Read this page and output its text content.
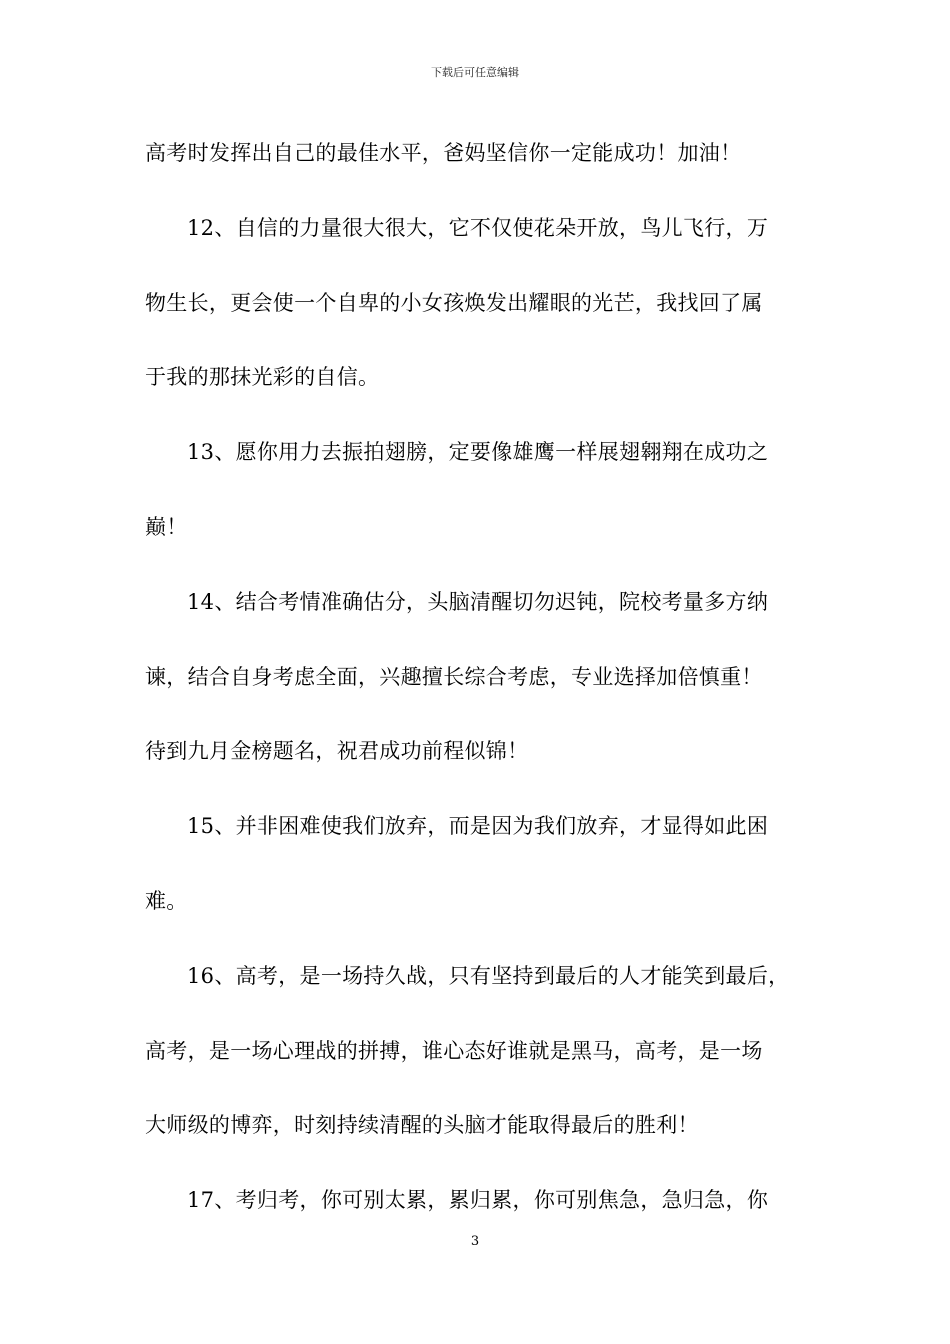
下载后可任意编辑
高考时发挥出自己的最佳水平，爸妈坚信你一定能成功！加油！
12、自信的力量很大很大，它不仅使花朵开放，鸟儿飞行，万
物生长，更会使一个自卑的小女孩焕发出耀眼的光芒，我找回了属
于我的那抹光彩的自信。
13、愿你用力去振拍翅膀，定要像雄鹰一样展翅翱翔在成功之
巅！
14、结合考情准确估分，头脑清醒切勿迟钝，院校考量多方纳
谏，结合自身考虑全面，兴趣擅长综合考虑，专业选择加倍慎重！
待到九月金榜题名，祝君成功前程似锦！
15、并非困难使我们放弃，而是因为我们放弃，才显得如此困
难。
16、高考，是一场持久战，只有坚持到最后的人才能笑到最后，
高考，是一场心理战的拼搏，谁心态好谁就是黑马，高考，是一场
大师级的博弈，时刻持续清醒的头脑才能取得最后的胜利！
17、考归考，你可别太累，累归累，你可别焦急，急归急，你
3
